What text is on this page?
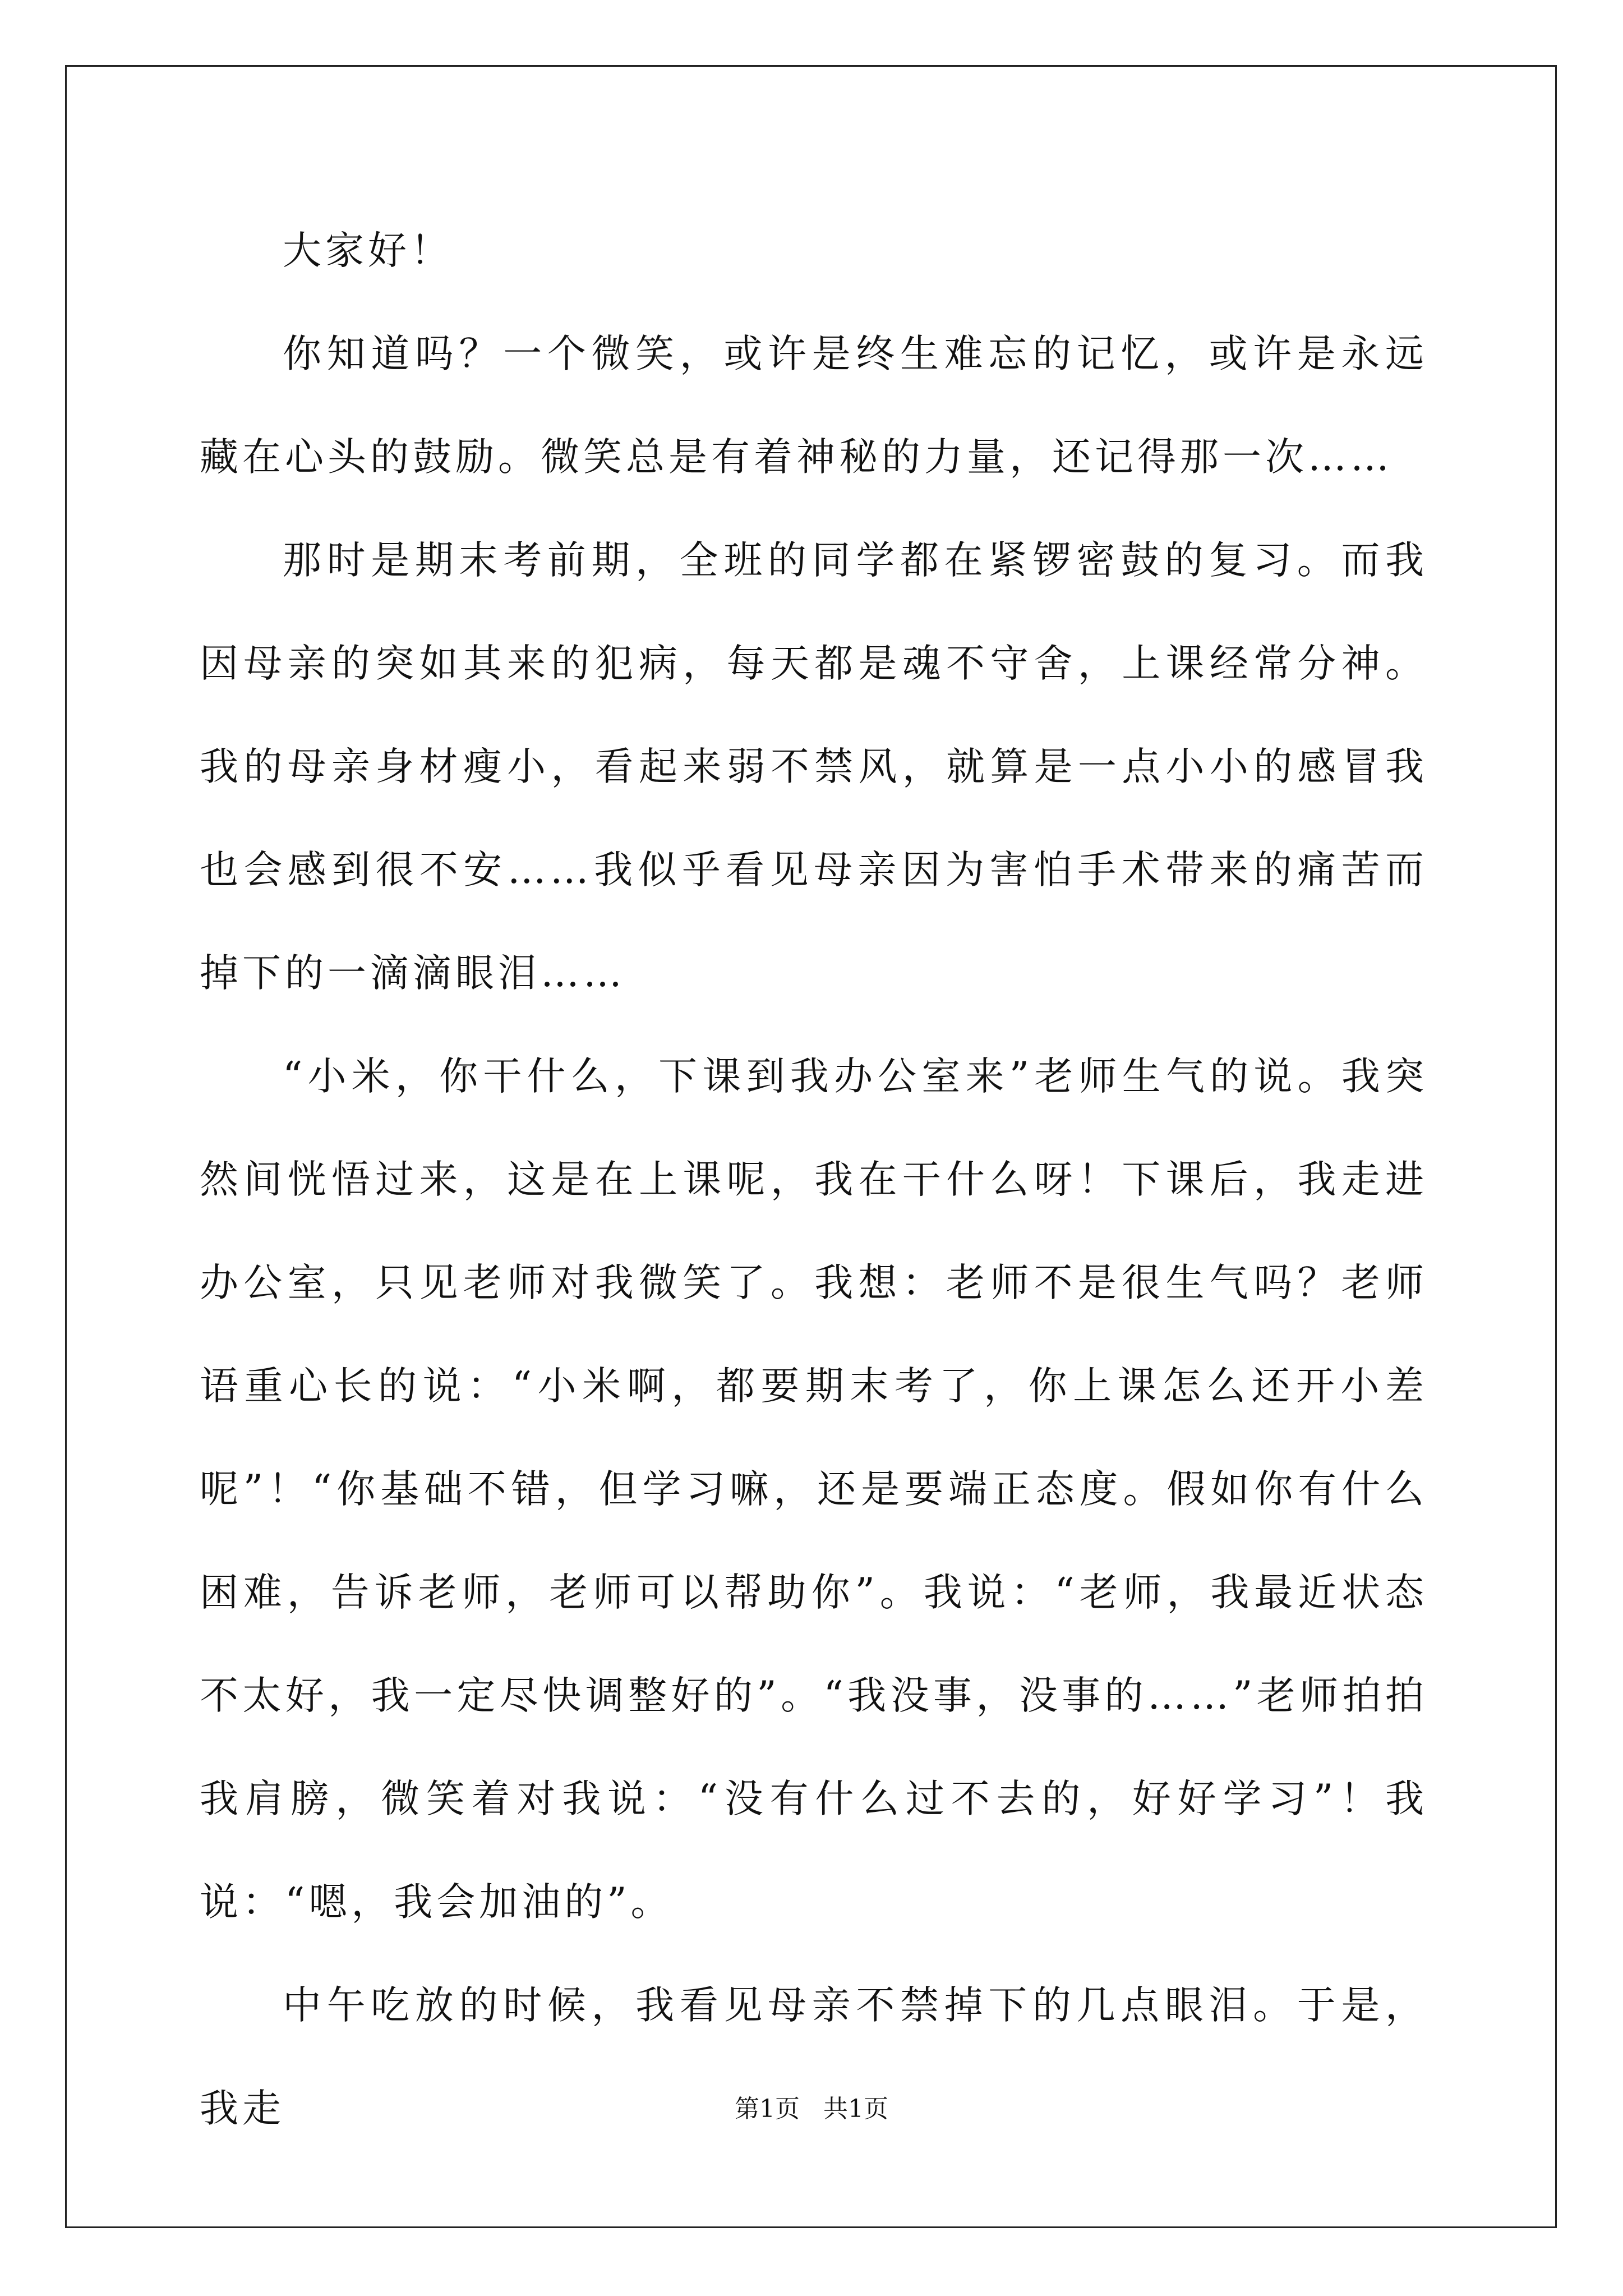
大家好！

你知道吗？一个微笑，或许是终生难忘的记忆，或许是永远藏在心头的鼓励。微笑总是有着神秘的力量，还记得那一次……

那时是期末考前期，全班的同学都在紧锣密鼓的复习。而我因母亲的突如其来的犯病，每天都是魂不守舍，上课经常分神。我的母亲身材瘦小，看起来弱不禁风，就算是一点小小的感冒我也会感到很不安……我似乎看见母亲因为害怕手术带来的痛苦而掉下的一滴滴眼泪……

“小米，你干什么，下课到我办公室来”老师生气的说。我突然间恍悟过来，这是在上课呢，我在干什么呀！下课后，我走进办公室，只见老师对我微笑了。我想：老师不是很生气吗？老师语重心长的说：“小米啊，都要期末考了，你上课怎么还开小差呢”！“你基础不错，但学习嘛，还是要端正态度。假如你有什么困难，告诉老师，老师可以帮助你”。我说：“老师，我最近状态不太好，我一定尽快调整好的”。“我没事，没事的……”老师拍拍我肩膀，微笑着对我说：“没有什么过不去的，好好学习”！我说：“嗯，我会加油的”。

中午吃放的时候，我看见母亲不禁掉下的几点眼泪。于是，我走	第1页 共1页
